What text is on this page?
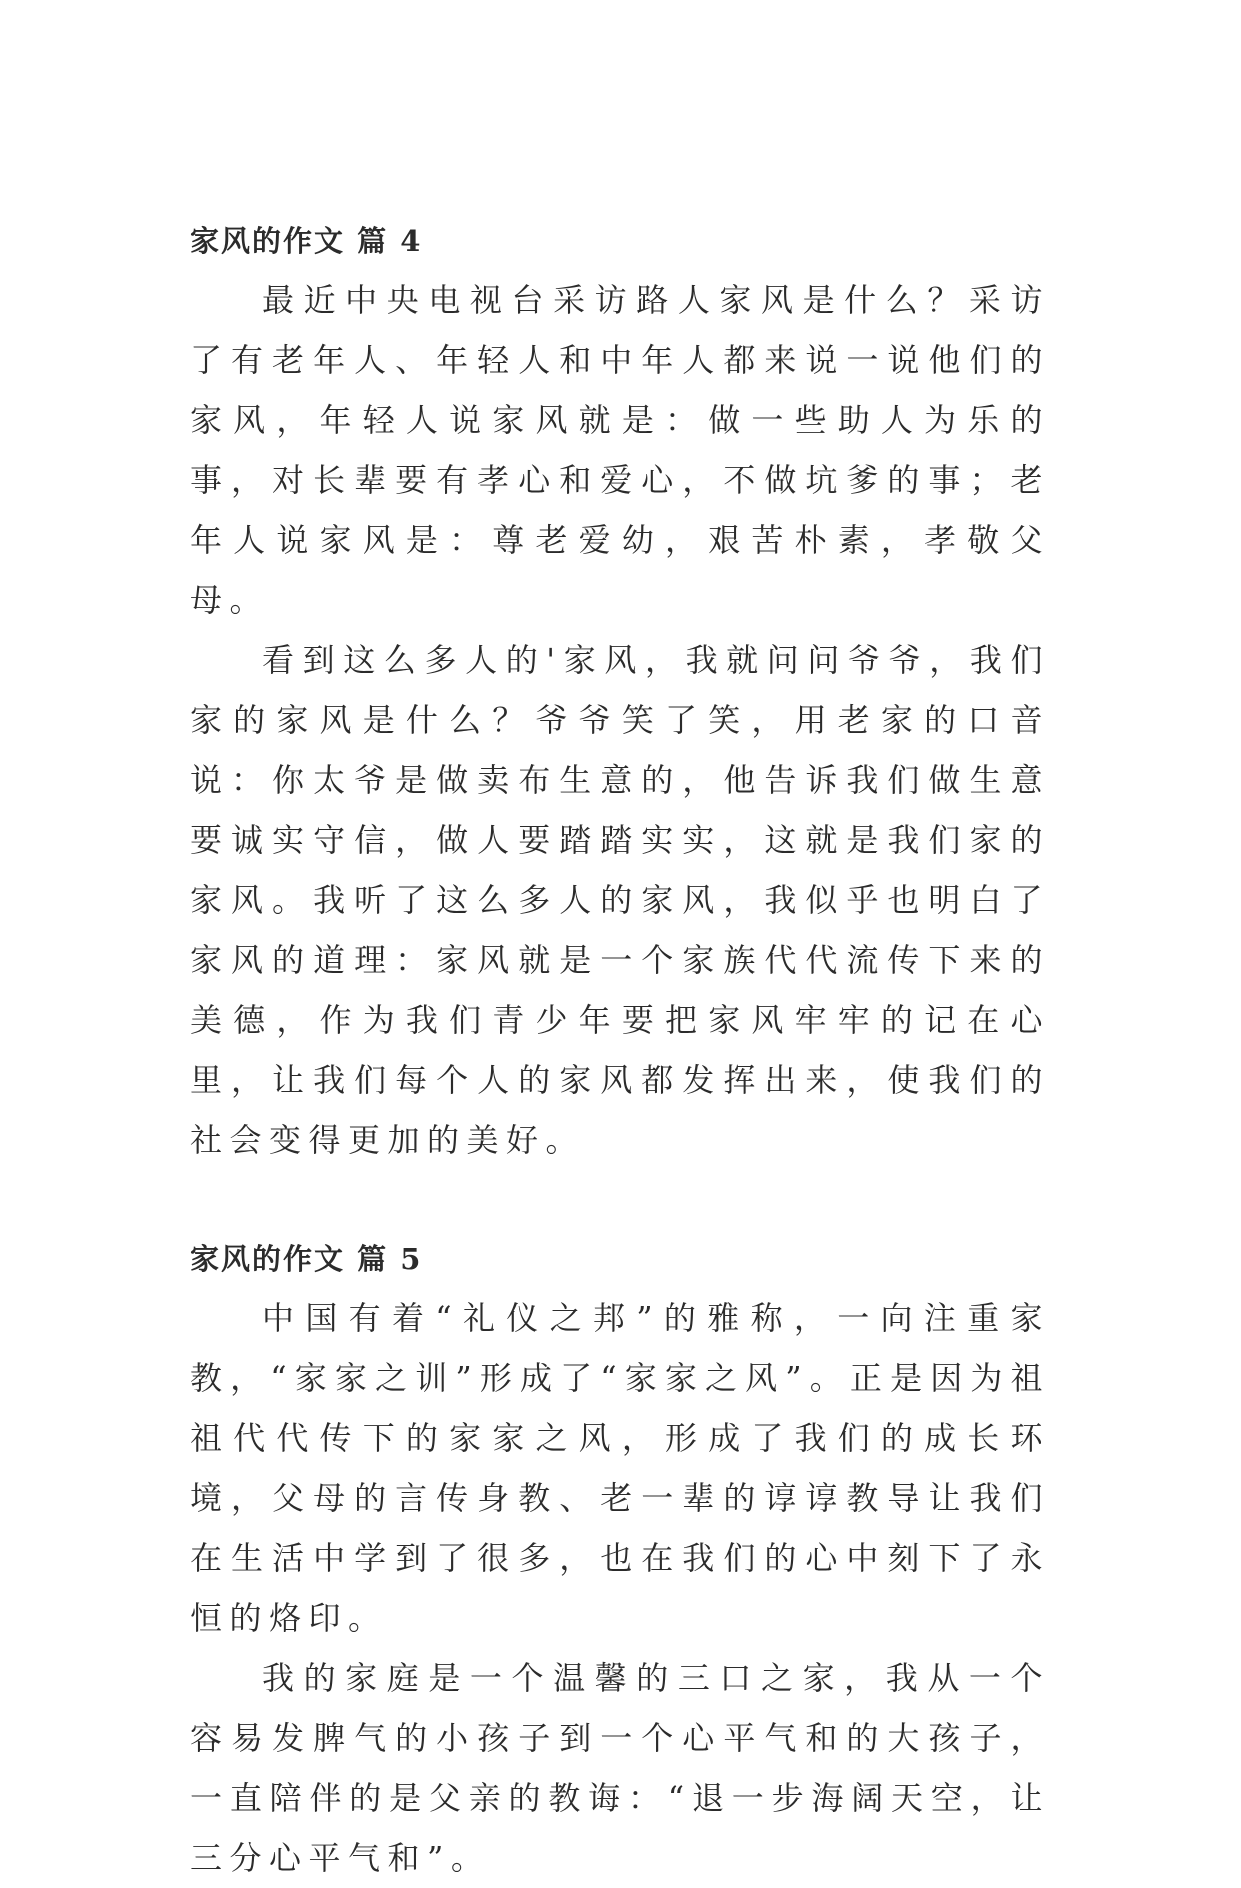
家风的作文 篇 4

最近中央电视台采访路人家风是什么？采访了有老年人、年轻人和中年人都来说一说他们的家风，年轻人说家风就是：做一些助人为乐的事，对长辈要有孝心和爱心，不做坑爹的事；老年人说家风是：尊老爱幼，艰苦朴素，孝敬父母。

看到这么多人的'家风，我就问问爷爷，我们家的家风是什么？爷爷笑了笑，用老家的口音说：你太爷是做卖布生意的，他告诉我们做生意要诚实守信，做人要踏踏实实，这就是我们家的家风。我听了这么多人的家风，我似乎也明白了家风的道理：家风就是一个家族代代流传下来的美德，作为我们青少年要把家风牢牢的记在心里，让我们每个人的家风都发挥出来，使我们的社会变得更加的美好。

家风的作文 篇 5

中国有着“礼仪之邦”的雅称，一向注重家教，“家家之训”形成了“家家之风”。正是因为祖祖代代传下的家家之风，形成了我们的成长环境，父母的言传身教、老一辈的谆谆教导让我们在生活中学到了很多，也在我们的心中刻下了永恒的烙印。

我的家庭是一个温馨的三口之家，我从一个容易发脾气的小孩子到一个心平气和的大孩子，一直陪伴的是父亲的教诲：“退一步海阔天空，让三分心平气和”。
